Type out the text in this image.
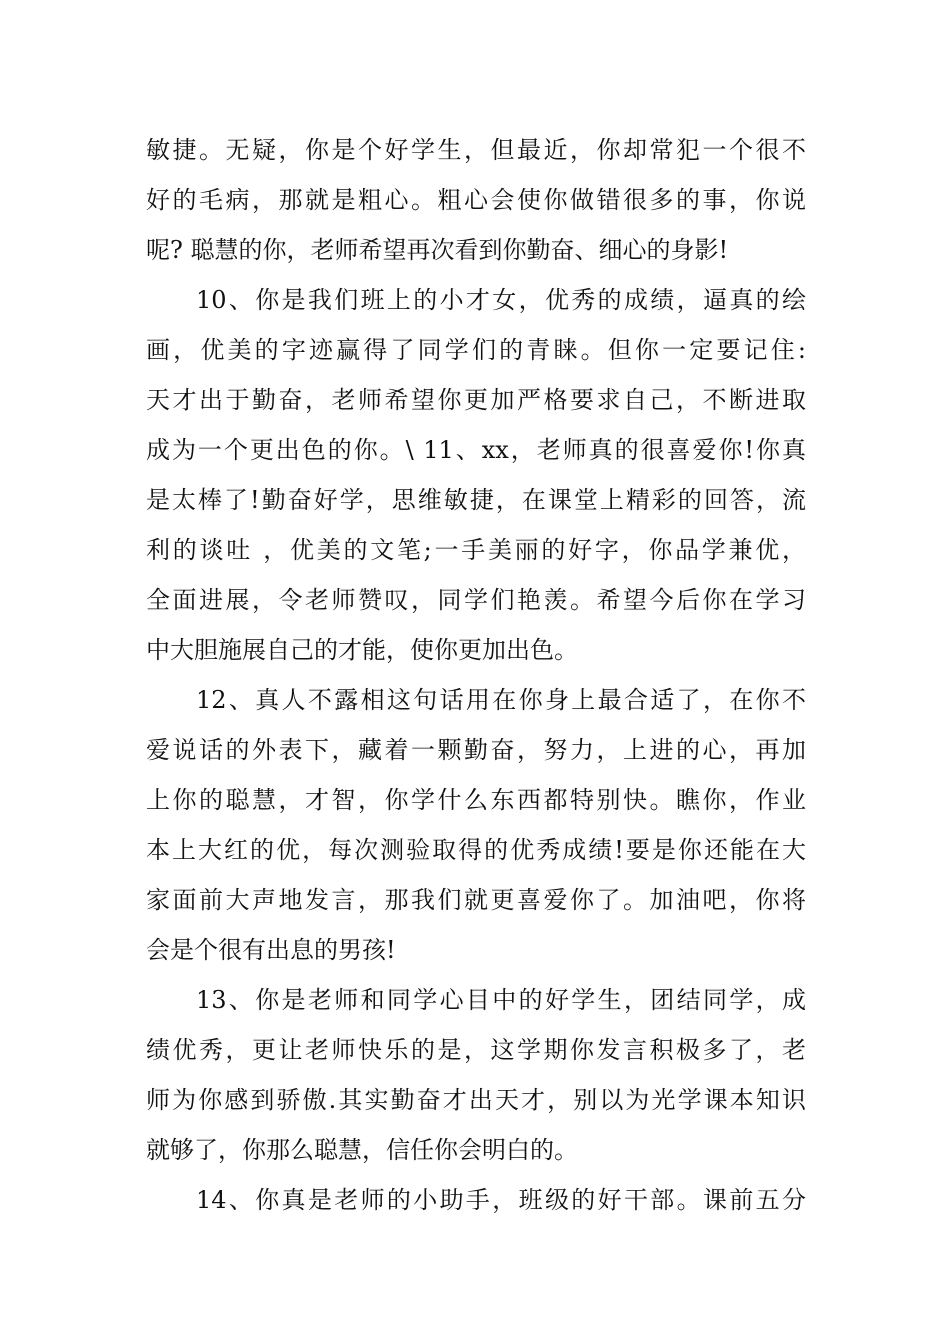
敏捷。无疑，你是个好学生，但最近，你却常犯一个很不
好的毛病，那就是粗心。粗心会使你做错很多的事，你说
呢? 聪慧的你，老师希望再次看到你勤奋、细心的身影!
10、你是我们班上的小才女，优秀的成绩，逼真的绘
画，优美的字迹赢得了同学们的青睐。但你一定要记住:
天才出于勤奋，老师希望你更加严格要求自己，不断进取
成为一个更出色的你。\ 11、xx，老师真的很喜爱你!你真
是太棒了!勤奋好学，思维敏捷，在课堂上精彩的回答，流
利的谈吐 ，优美的文笔;一手美丽的好字，你品学兼优，
全面进展，令老师赞叹，同学们艳羡。希望今后你在学习
中大胆施展自己的才能，使你更加出色。
12、真人不露相这句话用在你身上最合适了，在你不
爱说话的外表下，藏着一颗勤奋，努力，上进的心，再加
上你的聪慧，才智，你学什么东西都特别快。瞧你，作业
本上大红的优，每次测验取得的优秀成绩!要是你还能在大
家面前大声地发言，那我们就更喜爱你了。加油吧，你将
会是个很有出息的男孩!
13、你是老师和同学心目中的好学生，团结同学，成
绩优秀，更让老师快乐的是，这学期你发言积极多了，老
师为你感到骄傲.其实勤奋才出天才，别以为光学课本知识
就够了，你那么聪慧，信任你会明白的。
14、你真是老师的小助手，班级的好干部。课前五分
